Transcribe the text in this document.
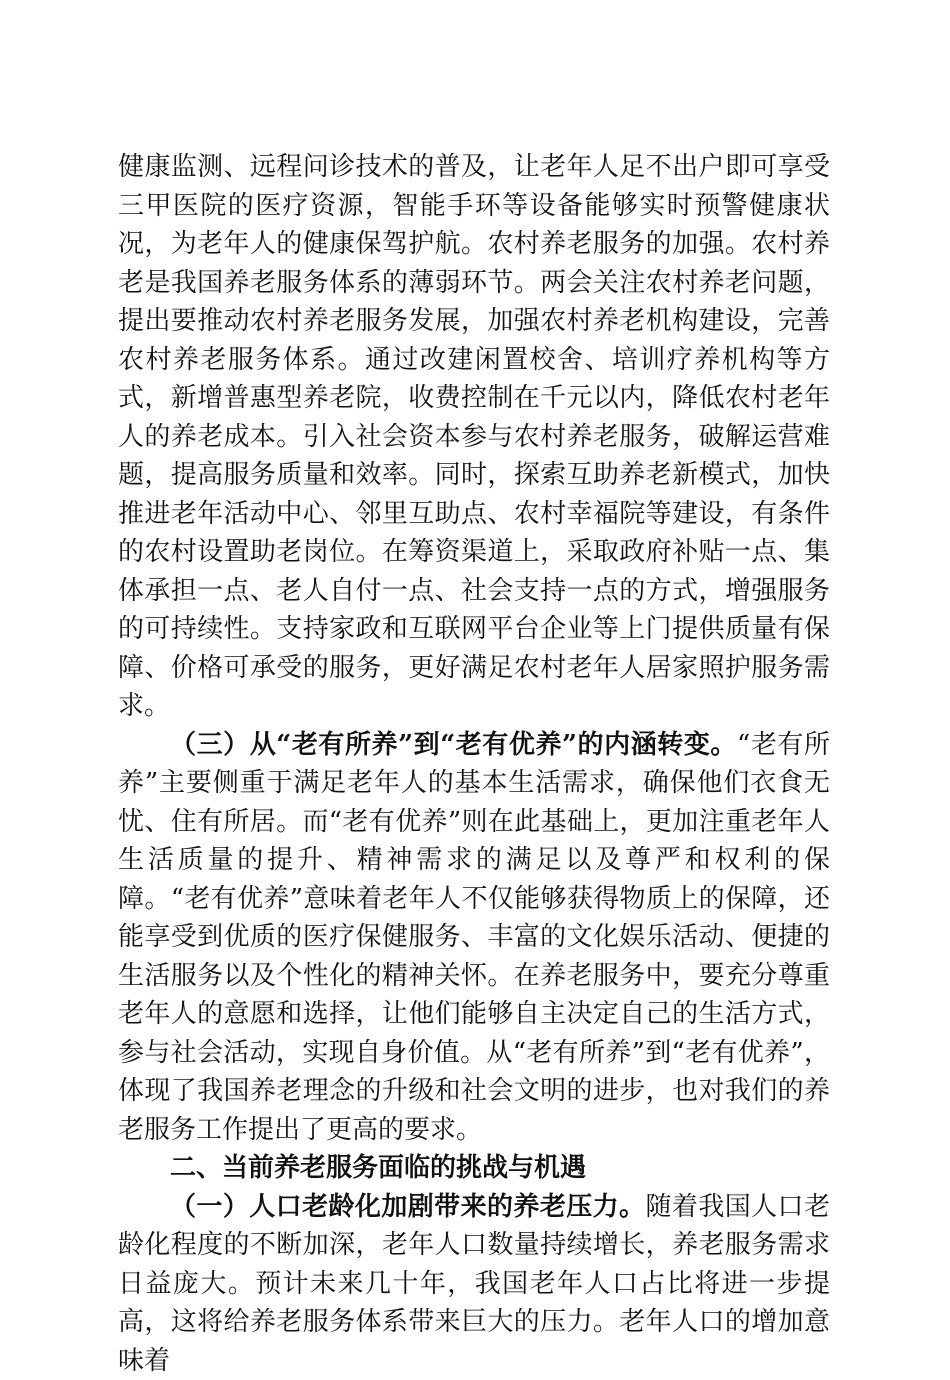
健康监测、远程问诊技术的普及，让老年人足不出户即可享受三甲医院的医疗资源，智能手环等设备能够实时预警健康状况，为老年人的健康保驾护航。农村养老服务的加强。农村养老是我国养老服务体系的薄弱环节。两会关注农村养老问题，提出要推动农村养老服务发展，加强农村养老机构建设，完善农村养老服务体系。通过改建闲置校舍、培训疗养机构等方式，新增普惠型养老院，收费控制在千元以内，降低农村老年人的养老成本。引入社会资本参与农村养老服务，破解运营难题，提高服务质量和效率。同时，探索互助养老新模式，加快推进老年活动中心、邻里互助点、农村幸福院等建设，有条件的农村设置助老岗位。在筹资渠道上，采取政府补贴一点、集体承担一点、老人自付一点、社会支持一点的方式，增强服务的可持续性。支持家政和互联网平台企业等上门提供质量有保障、价格可承受的服务，更好满足农村老年人居家照护服务需求。

（三）从“老有所养”到“老有优养”的内涵转变。“老有所养”主要侧重于满足老年人的基本生活需求，确保他们衣食无忧、住有所居。而“老有优养”则在此基础上，更加注重老年人生活质量的提升、精神需求的满足以及尊严和权利的保障。“老有优养”意味着老年人不仅能够获得物质上的保障，还能享受到优质的医疗保健服务、丰富的文化娱乐活动、便捷的生活服务以及个性化的精神关怀。在养老服务中，要充分尊重老年人的意愿和选择，让他们能够自主决定自己的生活方式，参与社会活动，实现自身价值。从“老有所养”到“老有优养”，体现了我国养老理念的升级和社会文明的进步，也对我们的养老服务工作提出了更高的要求。

二、当前养老服务面临的挑战与机遇

（一）人口老龄化加剧带来的养老压力。随着我国人口老龄化程度的不断加深，老年人口数量持续增长，养老服务需求日益庞大。预计未来几十年，我国老年人口占比将进一步提高，这将给养老服务体系带来巨大的压力。老年人口的增加意味着
